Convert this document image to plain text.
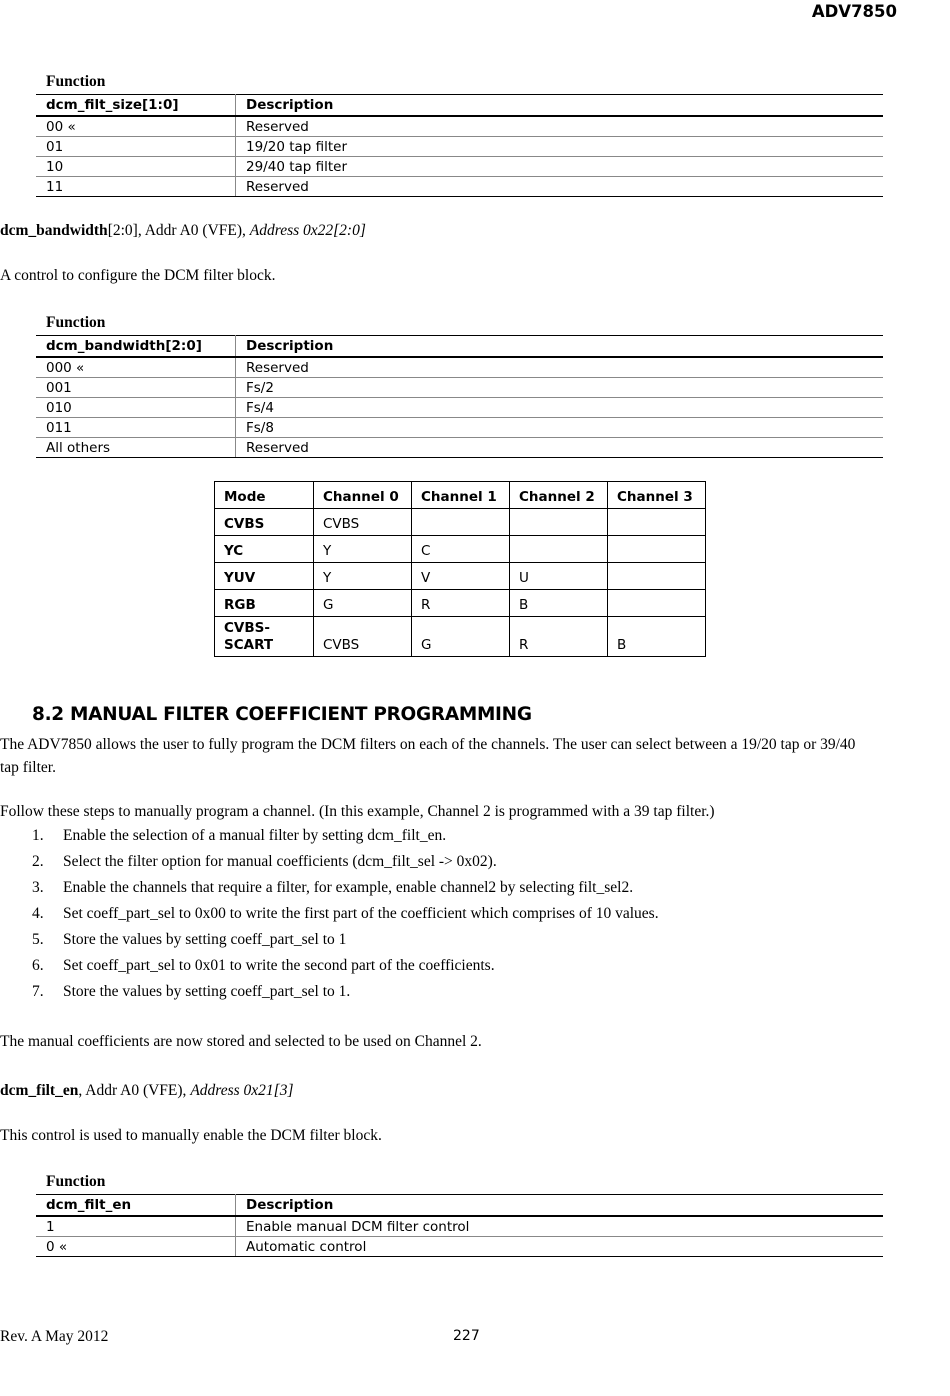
ADV7850
Function
dcm_filt_size[1:0]	Description
00 «	Reserved
01	19/20 tap filter
10	29/40 tap filter
11	Reserved
dcm_bandwidth[2:0], Addr A0 (VFE), Address 0x22[2:0]
A control to configure the DCM filter block.
Function
dcm_bandwidth[2:0]	Description
000 «	Reserved
001	Fs/2
010	Fs/4
011	Fs/8
All others	Reserved
Mode	Channel 0	Channel 1	Channel 2	Channel 3
CVBS	CVBS			
YC	Y	C		
YUV	Y	V	U	
RGB	G	R	B	

CVBS-
SCART	CVBS	G	R	B
8.2 MANUAL FILTER COEFFICIENT PROGRAMMING
The ADV7850 allows the user to fully program the DCM filters on each of the channels. The user can select between a 19/20 tap or 39/40
tap filter.
Follow these steps to manually program a channel. (In this example, Channel 2 is programmed with a 39 tap filter.)
1.	Enable the selection of a manual filter by setting dcm_filt_en.
2.	Select the filter option for manual coefficients (dcm_filt_sel -> 0x02).
3.	Enable the channels that require a filter, for example, enable channel2 by selecting filt_sel2.
4.	Set coeff_part_sel to 0x00 to write the first part of the coefficient which comprises of 10 values.
5.	Store the values by setting coeff_part_sel to 1
6.	Set coeff_part_sel to 0x01 to write the second part of the coefficients.
7.	Store the values by setting coeff_part_sel to 1.
The manual coefficients are now stored and selected to be used on Channel 2.
dcm_filt_en, Addr A0 (VFE), Address 0x21[3]
This control is used to manually enable the DCM filter block.
Function
dcm_filt_en	Description
1	Enable manual DCM filter control
0 «	Automatic control
Rev. A May 2012	227
